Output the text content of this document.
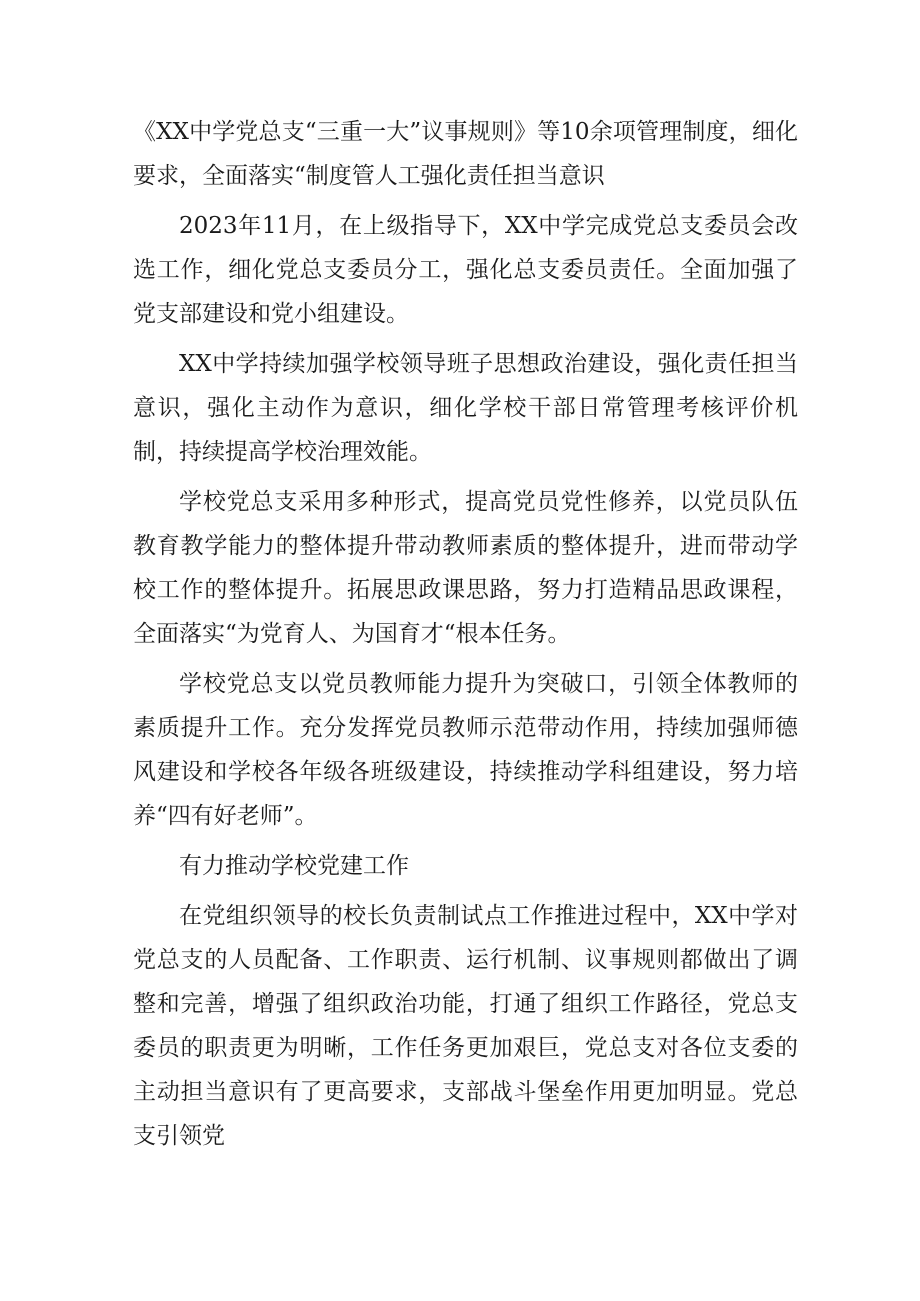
《XX中学党总支“三重一大”议事规则》等10余项管理制度，细化要求，全面落实“制度管人工强化责任担当意识

2023年11月，在上级指导下，XX中学完成党总支委员会改选工作，细化党总支委员分工，强化总支委员责任。全面加强了党支部建设和党小组建设。

XX中学持续加强学校领导班子思想政治建设，强化责任担当意识，强化主动作为意识，细化学校干部日常管理考核评价机制，持续提高学校治理效能。

学校党总支采用多种形式，提高党员党性修养，以党员队伍教育教学能力的整体提升带动教师素质的整体提升，进而带动学校工作的整体提升。拓展思政课思路，努力打造精品思政课程，全面落实“为党育人、为国育才“根本任务。

学校党总支以党员教师能力提升为突破口，引领全体教师的素质提升工作。充分发挥党员教师示范带动作用，持续加强师德风建设和学校各年级各班级建设，持续推动学科组建设，努力培养“四有好老师”。

有力推动学校党建工作

在党组织领导的校长负责制试点工作推进过程中，XX中学对党总支的人员配备、工作职责、运行机制、议事规则都做出了调整和完善，增强了组织政治功能，打通了组织工作路径，党总支委员的职责更为明晰，工作任务更加艰巨，党总支对各位支委的主动担当意识有了更高要求，支部战斗堡垒作用更加明显。党总支引领党
